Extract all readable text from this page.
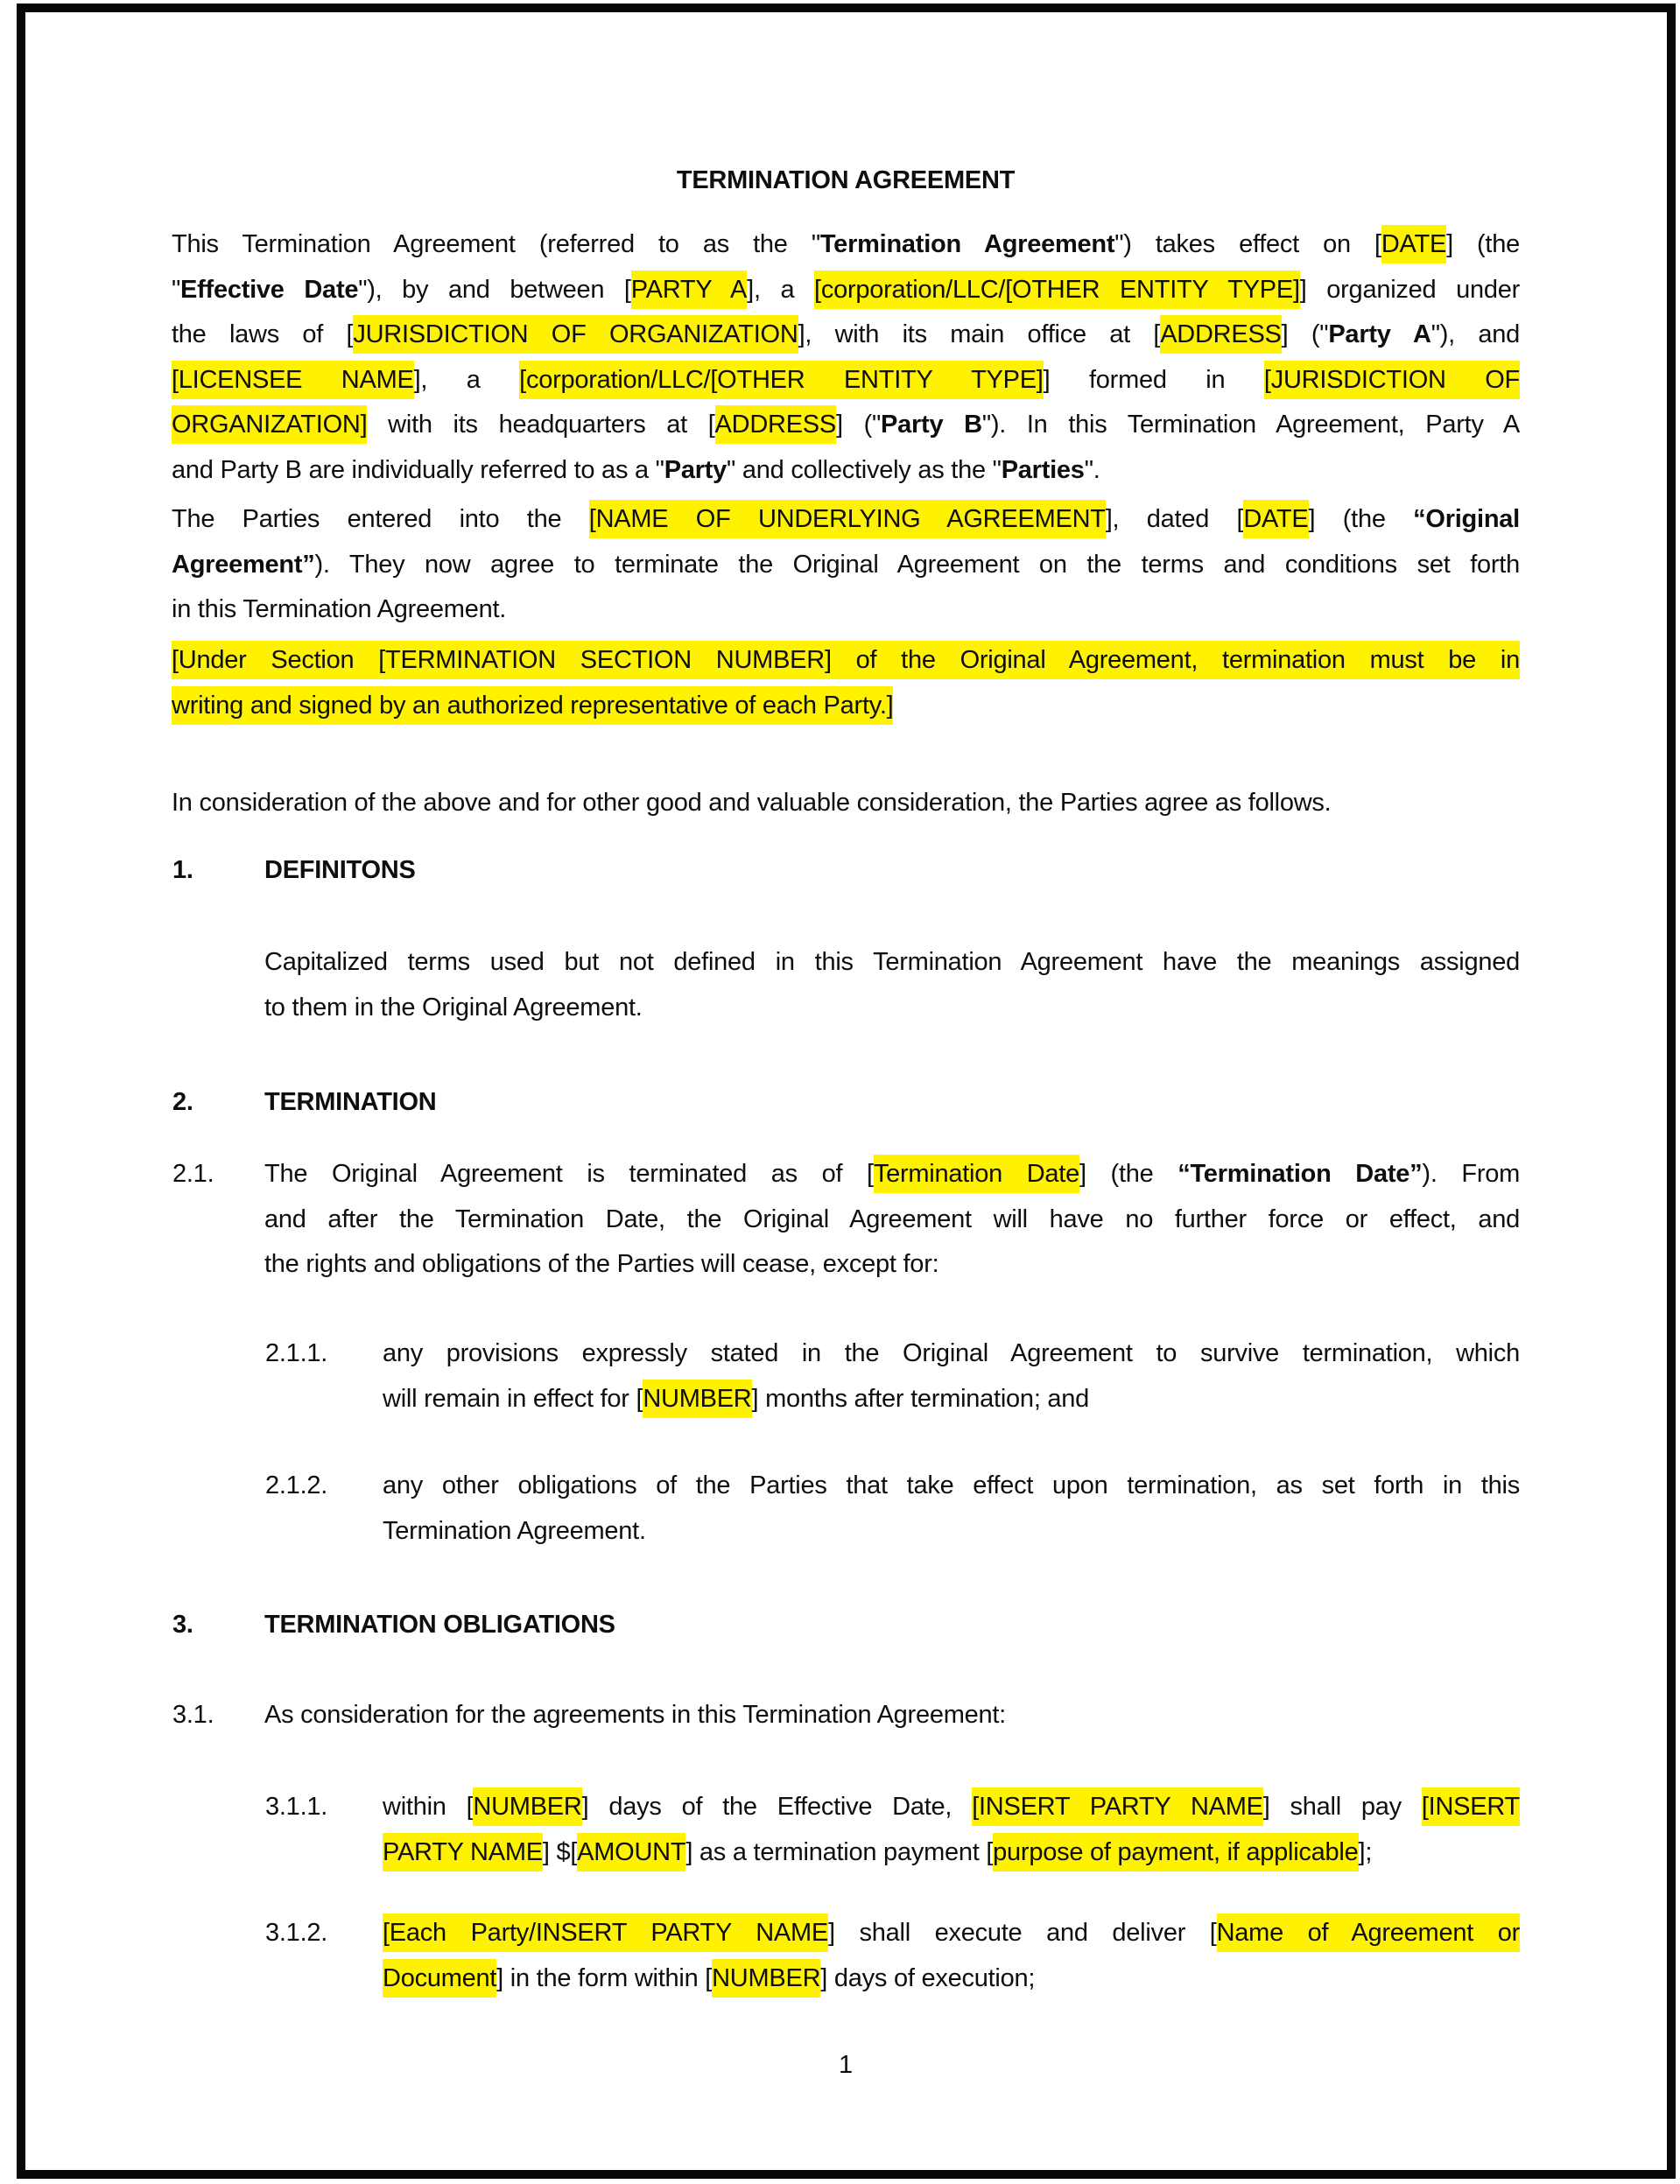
TERMINATION AGREEMENT
This Termination Agreement (referred to as the "Termination Agreement") takes effect on [DATE] (the
"Effective Date"), by and between [PARTY A], a [corporation/LLC/[OTHER ENTITY TYPE]] organized under
the laws of [JURISDICTION OF ORGANIZATION], with its main office at [ADDRESS] ("Party A"), and
[LICENSEE NAME], a [corporation/LLC/[OTHER ENTITY TYPE]] formed in [JURISDICTION OF
ORGANIZATION] with its headquarters at [ADDRESS] ("Party B"). In this Termination Agreement, Party A
and Party B are individually referred to as a "Party" and collectively as the "Parties".
The Parties entered into the [NAME OF UNDERLYING AGREEMENT], dated [DATE] (the “Original
Agreement”). They now agree to terminate the Original Agreement on the terms and conditions set forth
in this Termination Agreement.
[Under Section [TERMINATION SECTION NUMBER] of the Original Agreement, termination must be in
writing and signed by an authorized representative of each Party.]
In consideration of the above and for other good and valuable consideration, the Parties agree as follows.
1.	DEFINITONS
Capitalized terms used but not defined in this Termination Agreement have the meanings assigned
to them in the Original Agreement.
2.	TERMINATION
2.1. The Original Agreement is terminated as of [Termination Date] (the “Termination Date”). From
and after the Termination Date, the Original Agreement will have no further force or effect, and
the rights and obligations of the Parties will cease, except for:
2.1.1. any provisions expressly stated in the Original Agreement to survive termination, which
will remain in effect for [NUMBER] months after termination; and
2.1.2. any other obligations of the Parties that take effect upon termination, as set forth in this
Termination Agreement.
3.	TERMINATION OBLIGATIONS
3.1. As consideration for the agreements in this Termination Agreement:
3.1.1. within [NUMBER] days of the Effective Date, [INSERT PARTY NAME] shall pay [INSERT
PARTY NAME] $[AMOUNT] as a termination payment [purpose of payment, if applicable];
3.1.2. [Each Party/INSERT PARTY NAME] shall execute and deliver [Name of Agreement or
Document] in the form within [NUMBER] days of execution;
1
